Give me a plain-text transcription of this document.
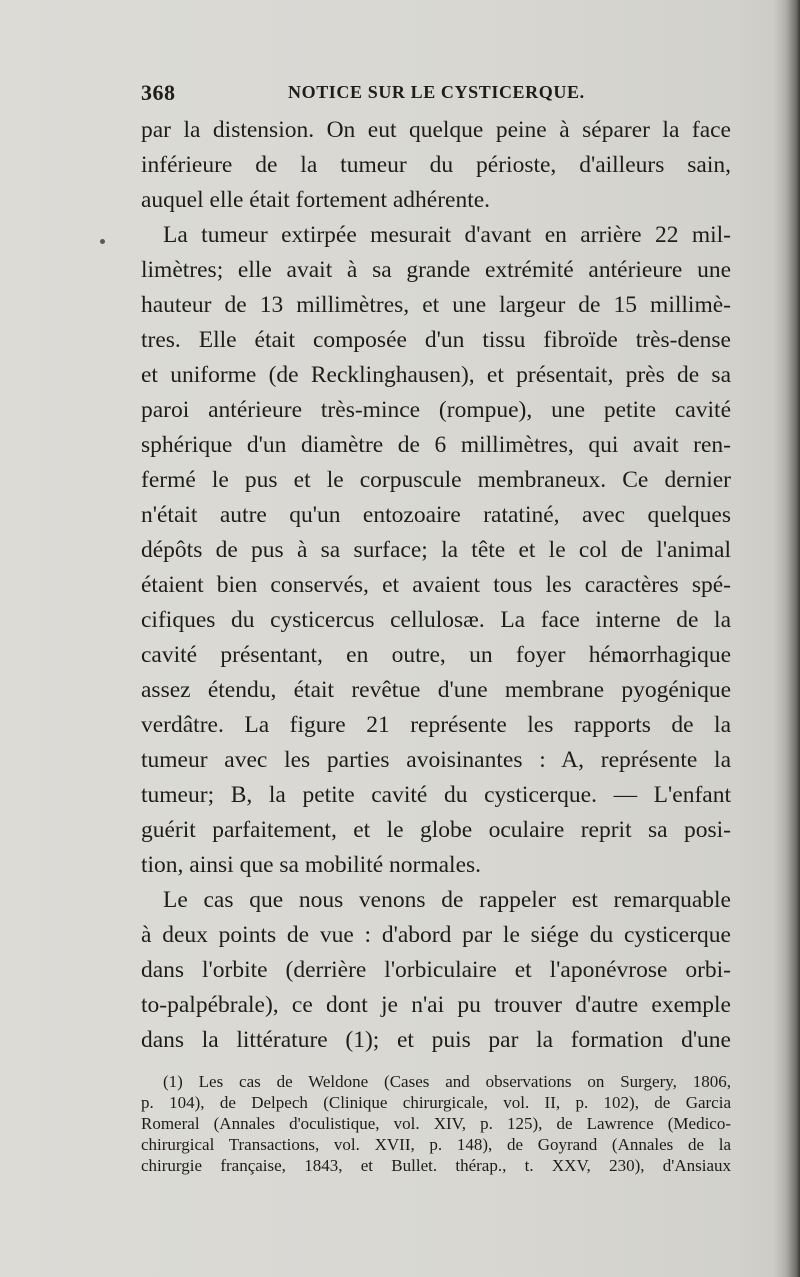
368	NOTICE SUR LE CYSTICERQUE.
par la distension. On eut quelque peine à séparer la face
inférieure de la tumeur du périoste, d'ailleurs sain,
auquel elle était fortement adhérente.
La tumeur extirpée mesurait d'avant en arrière 22 mil-
limètres; elle avait à sa grande extrémité antérieure une
hauteur de 13 millimètres, et une largeur de 15 millimè-
tres. Elle était composée d'un tissu fibroïde très-dense
et uniforme (de Recklinghausen), et présentait, près de sa
paroi antérieure très-mince (rompue), une petite cavité
sphérique d'un diamètre de 6 millimètres, qui avait ren-
fermé le pus et le corpuscule membraneux. Ce dernier
n'était autre qu'un entozoaire ratatiné, avec quelques
dépôts de pus à sa surface; la tête et le col de l'animal
étaient bien conservés, et avaient tous les caractères spé-
cifiques du cysticercus cellulosæ. La face interne de la
cavité présentant, en outre, un foyer hémorrhagique
assez étendu, était revêtue d'une membrane pyogénique
verdâtre. La figure 21 représente les rapports de la
tumeur avec les parties avoisinantes : A, représente la
tumeur; B, la petite cavité du cysticerque. — L'enfant
guérit parfaitement, et le globe oculaire reprit sa posi-
tion, ainsi que sa mobilité normales.
Le cas que nous venons de rappeler est remarquable
à deux points de vue : d'abord par le siége du cysticerque
dans l'orbite (derrière l'orbiculaire et l'aponévrose orbi-
to-palpébrale), ce dont je n'ai pu trouver d'autre exemple
dans la littérature (1); et puis par la formation d'une
(1) Les cas de Weldone (Cases and observations on Surgery, 1806,
p. 104), de Delpech (Clinique chirurgicale, vol. II, p. 102), de Garcia
Romeral (Annales d'oculistique, vol. XIV, p. 125), de Lawrence (Medico-
chirurgical Transactions, vol. XVII, p. 148), de Goyrand (Annales de la
chirurgie française, 1843, et Bullet. thérap., t. XXV, 230), d'Ansiaux
